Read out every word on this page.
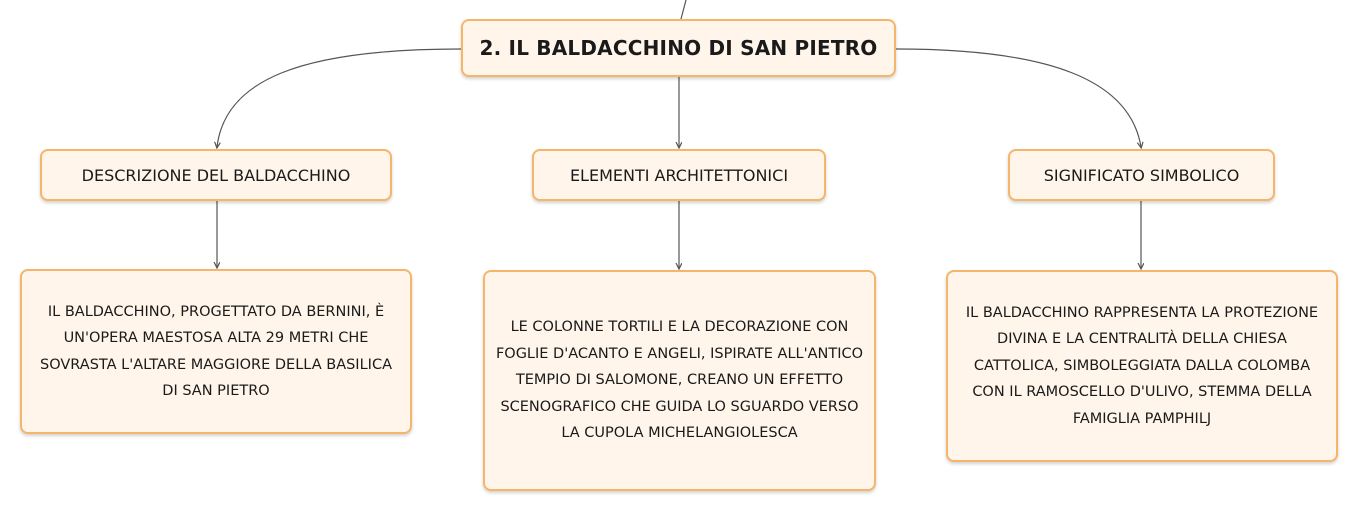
2. IL BALDACCHINO DI SAN PIETRO
DESCRIZIONE DEL BALDACCHINO	ELEMENTI ARCHITETTONICI	SIGNIFICATO SIMBOLICO
IL BALDACCHINO, PROGETTATO DA BERNINI, È UN'OPERA MAESTOSA ALTA 29 METRI CHE SOVRASTA L'ALTARE MAGGIORE DELLA BASILICA DI SAN PIETRO
LE COLONNE TORTILI E LA DECORAZIONE CON FOGLIE D'ACANTO E ANGELI, ISPIRATE ALL'ANTICO TEMPIO DI SALOMONE, CREANO UN EFFETTO SCENOGRAFICO CHE GUIDA LO SGUARDO VERSO LA CUPOLA MICHELANGIOLESCA
IL BALDACCHINO RAPPRESENTA LA PROTEZIONE DIVINA E LA CENTRALITÀ DELLA CHIESA CATTOLICA, SIMBOLEGGIATA DALLA COLOMBA CON IL RAMOSCELLO D'ULIVO, STEMMA DELLA FAMIGLIA PAMPHILJ
